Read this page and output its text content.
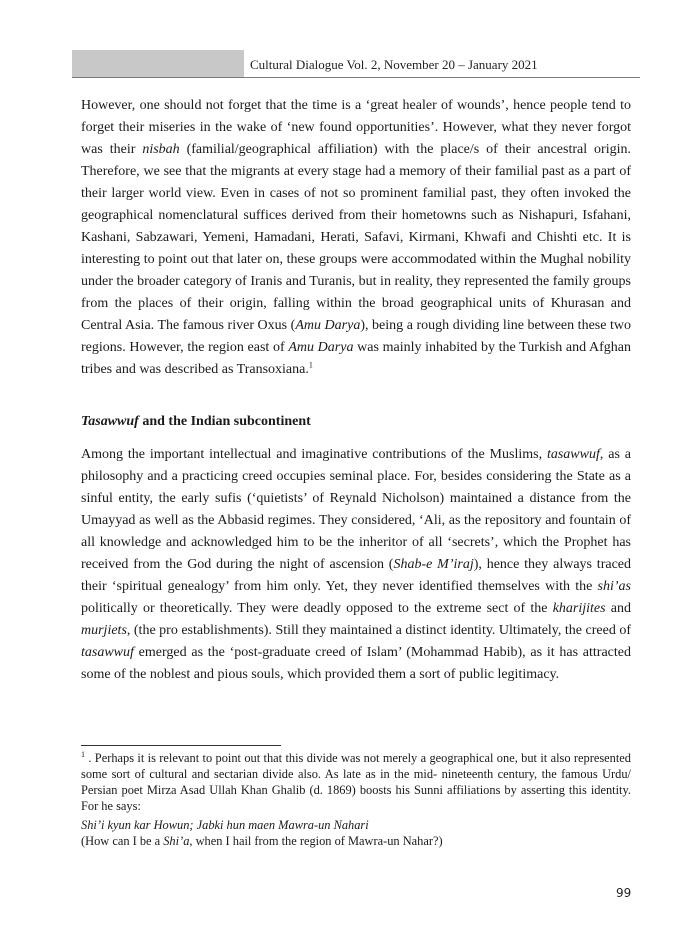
Cultural Dialogue Vol. 2, November 20 – January 2021

However, one should not forget that the time is a ‘great healer of wounds’, hence people tend to forget their miseries in the wake of ‘new found opportunities’. However, what they never forgot was their nisbah (familial/geographical affiliation) with the place/s of their ancestral origin. Therefore, we see that the migrants at every stage had a memory of their familial past as a part of their larger world view. Even in cases of not so prominent familial past, they often invoked the geographical nomenclatural suffices derived from their hometowns such as Nishapuri, Isfahani, Kashani, Sabzawari, Yemeni, Hamadani, Herati, Safavi, Kirmani, Khwafi and Chishti etc. It is interesting to point out that later on, these groups were accommodated within the Mughal nobility under the broader category of Iranis and Turanis, but in reality, they represented the family groups from the places of their origin, falling within the broad geographical units of Khurasan and Central Asia. The famous river Oxus (Amu Darya), being a rough dividing line between these two regions. However, the region east of Amu Darya was mainly inhabited by the Turkish and Afghan tribes and was described as Transoxiana.$^1$

Tasawwuf and the Indian subcontinent

Among the important intellectual and imaginative contributions of the Muslims, tasawwuf, as a philosophy and a practicing creed occupies seminal place. For, besides considering the State as a sinful entity, the early sufis (‘quietists’ of Reynald Nicholson) maintained a distance from the Umayyad as well as the Abbasid regimes. They considered, ‘Ali, as the repository and fountain of all knowledge and acknowledged him to be the inheritor of all ‘secrets’, which the Prophet has received from the God during the night of ascension (Shab-e M’iraj), hence they always traced their ‘spiritual genealogy’ from him only. Yet, they never identified themselves with the shi’as politically or theoretically. They were deadly opposed to the extreme sect of the kharijites and murjiets, (the pro establishments). Still they maintained a distinct identity. Ultimately, the creed of tasawwuf emerged as the ‘post-graduate creed of Islam’ (Mohammad Habib), as it has attracted some of the noblest and pious souls, which provided them a sort of public legitimacy.

$^1$ . Perhaps it is relevant to point out that this divide was not merely a geographical one, but it also represented some sort of cultural and sectarian divide also. As late as in the mid- nineteenth century, the famous Urdu/ Persian poet Mirza Asad Ullah Khan Ghalib (d. 1869) boosts his Sunni affiliations by asserting this identity. For he says:

Shi’i kyun kar Howun; Jabki hun maen Mawra-un Nahari

(How can I be a Shi’a, when I hail from the region of Mawra-un Nahar?)

99
